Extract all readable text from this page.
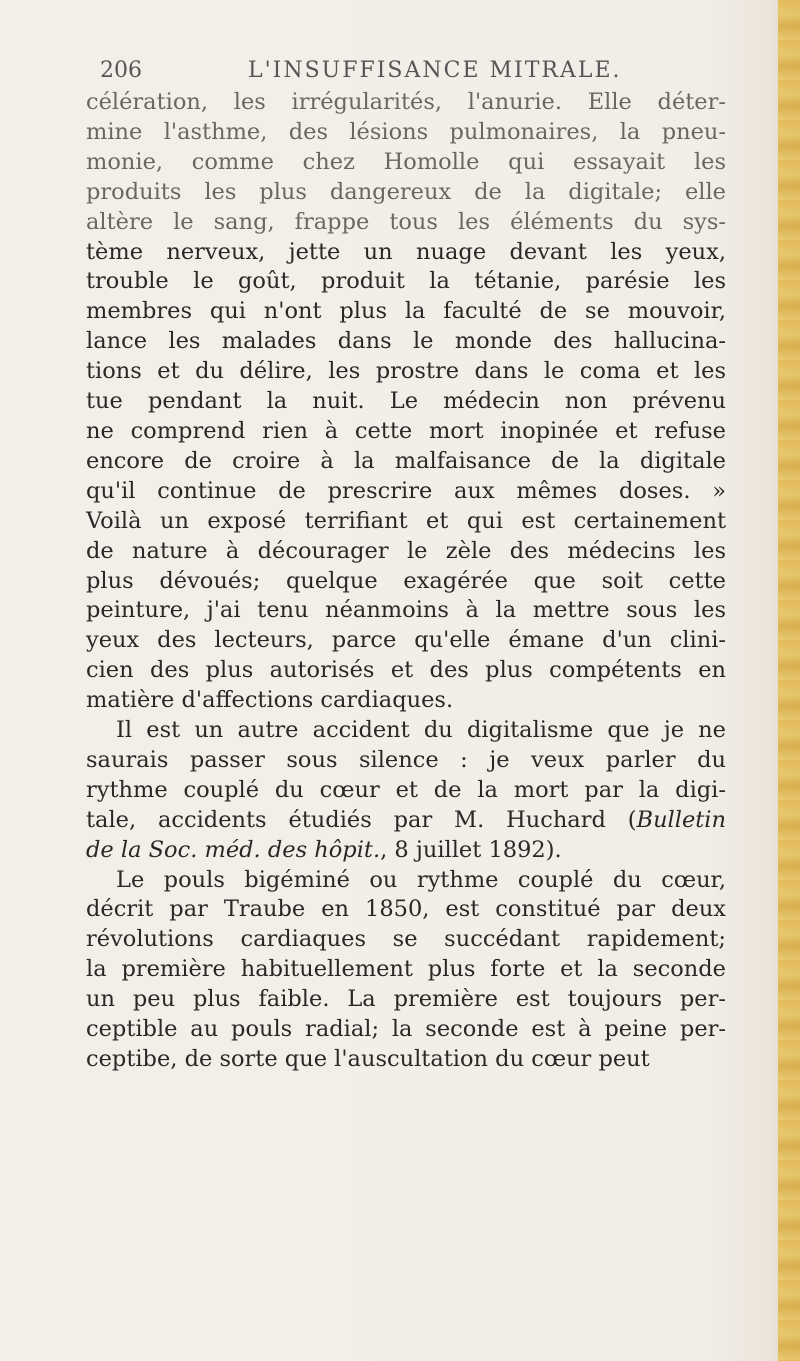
206	L'INSUFFISANCE MITRALE.
célération, les irrégularités, l'anurie. Elle déter-
mine l'asthme, des lésions pulmonaires, la pneu-
monie, comme chez Homolle qui essayait les
produits les plus dangereux de la digitale; elle
altère le sang, frappe tous les éléments du sys-
tème nerveux, jette un nuage devant les yeux,
trouble le goût, produit la tétanie, parésie les
membres qui n'ont plus la faculté de se mouvoir,
lance les malades dans le monde des hallucina-
tions et du délire, les prostre dans le coma et les
tue pendant la nuit. Le médecin non prévenu
ne comprend rien à cette mort inopinée et refuse
encore de croire à la malfaisance de la digitale
qu'il continue de prescrire aux mêmes doses. »
Voilà un exposé terrifiant et qui est certainement
de nature à décourager le zèle des médecins les
plus dévoués; quelque exagérée que soit cette
peinture, j'ai tenu néanmoins à la mettre sous les
yeux des lecteurs, parce qu'elle émane d'un clini-
cien des plus autorisés et des plus compétents en
matière d'affections cardiaques.
Il est un autre accident du digitalisme que je ne
saurais passer sous silence : je veux parler du
rythme couplé du cœur et de la mort par la digi-
tale, accidents étudiés par M. Huchard (Bulletin
de la Soc. méd. des hôpit., 8 juillet 1892).
Le pouls bigéminé ou rythme couplé du cœur,
décrit par Traube en 1850, est constitué par deux
révolutions cardiaques se succédant rapidement;
la première habituellement plus forte et la seconde
un peu plus faible. La première est toujours per-
ceptible au pouls radial; la seconde est à peine per-
ceptibe, de sorte que l'auscultation du cœur peut
